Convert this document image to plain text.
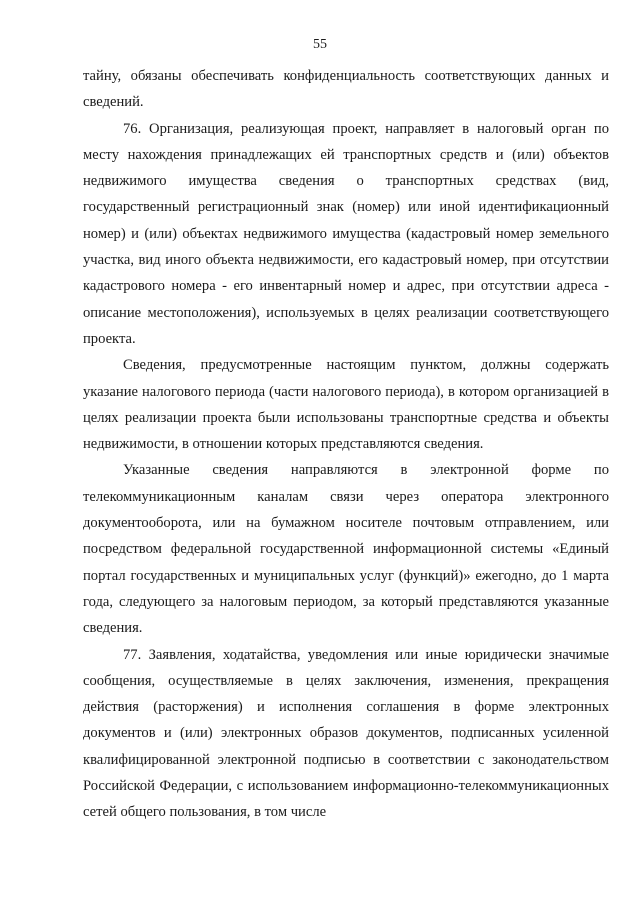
55

тайну, обязаны обеспечивать конфиденциальность соответствующих данных и сведений.

76. Организация, реализующая проект, направляет в налоговый орган по месту нахождения принадлежащих ей транспортных средств и (или) объектов недвижимого имущества сведения о транспортных средствах (вид, государственный регистрационный знак (номер) или иной идентификационный номер) и (или) объектах недвижимого имущества (кадастровый номер земельного участка, вид иного объекта недвижимости, его кадастровый номер, при отсутствии кадастрового номера - его инвентарный номер и адрес, при отсутствии адреса - описание местоположения), используемых в целях реализации соответствующего проекта.

Сведения, предусмотренные настоящим пунктом, должны содержать указание налогового периода (части налогового периода), в котором организацией в целях реализации проекта были использованы транспортные средства и объекты недвижимости, в отношении которых представляются сведения.

Указанные сведения направляются в электронной форме по телекоммуникационным каналам связи через оператора электронного документооборота, или на бумажном носителе почтовым отправлением, или посредством федеральной государственной информационной системы «Единый портал государственных и муниципальных услуг (функций)» ежегодно, до 1 марта года, следующего за налоговым периодом, за который представляются указанные сведения.

77. Заявления, ходатайства, уведомления или иные юридически значимые сообщения, осуществляемые в целях заключения, изменения, прекращения действия (расторжения) и исполнения соглашения в форме электронных документов и (или) электронных образов документов, подписанных усиленной квалифицированной электронной подписью в соответствии с законодательством Российской Федерации, с использованием информационно-телекоммуникационных сетей общего пользования, в том числе
